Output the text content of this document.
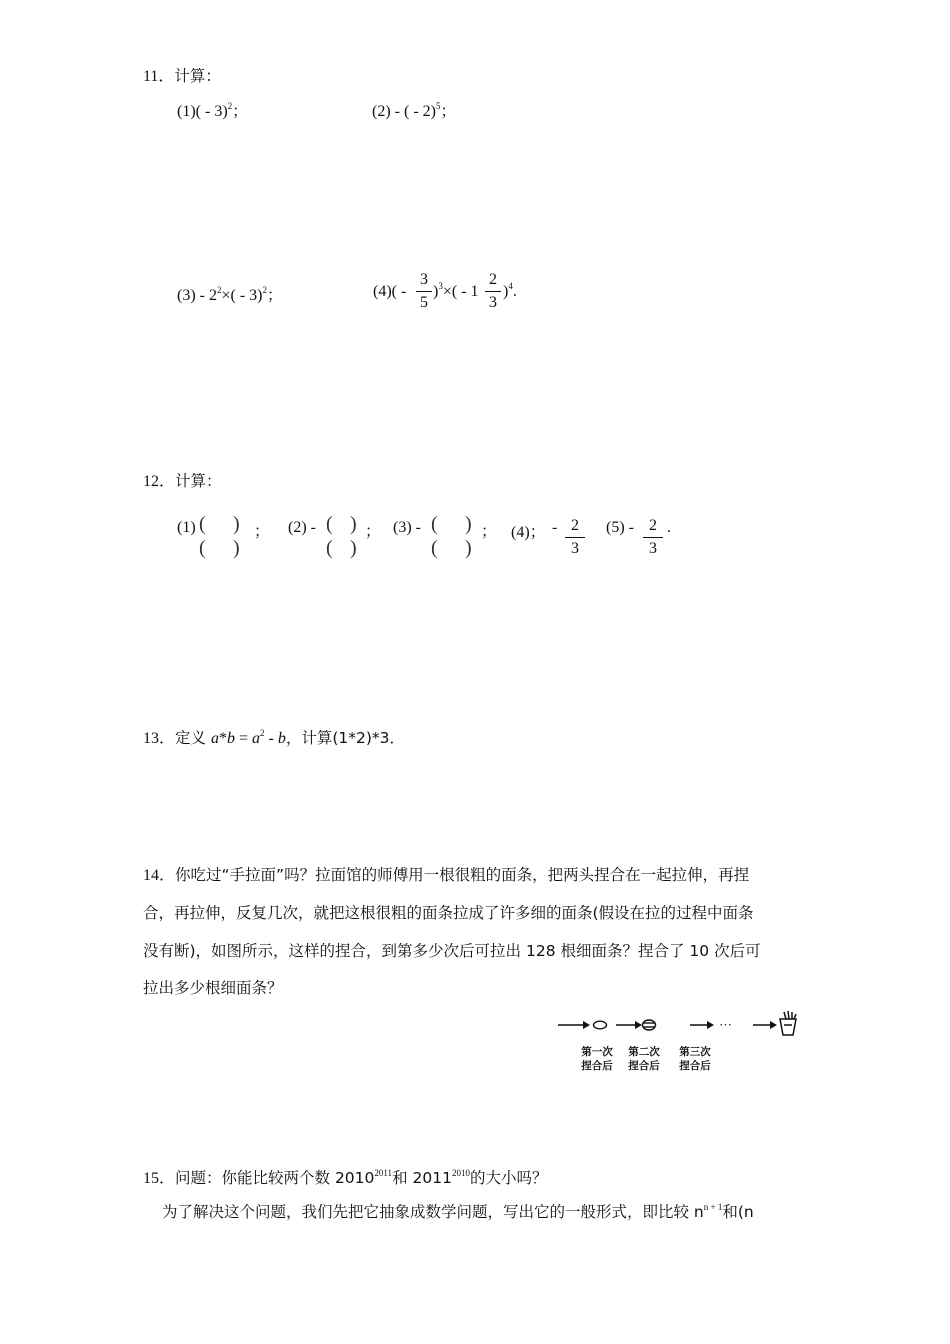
11．计算：
(1)( - 3)$^2$；	(2) - ( - 2)$^5$；
$(3) - 2^2\times( - 3)^2$；	(4)( -
3
5
)$^3$×( - 1
2
3
)$^4$.
12．计算：
(1) (
(
)
)
； (2) - (
(
)
)
； (3) - (
(
)
)
； (4)； - 2
3
(5) - 2
3
.
13．定义 $a*b = a^2 - b$，计算(1*2)*3．
14．你吃过“手拉面”吗？拉面馆的师傅用一根很粗的面条，把两头捏合在一起拉伸，再捏
合，再拉伸，反复几次，就把这根很粗的面条拉成了许多细的面条(假设在拉的过程中面条
没有断)，如图所示，这样的捏合，到第多少次后可拉出 128 根细面条？捏合了 10 次后可
拉出多少根细面条？
···
第一次
捏合后
第二次
捏合后
第三次
捏合后
15．问题：你能比较两个数 $2010^{2011}$和 $2011^{2010}$的大小吗？
为了解决这个问题，我们先把它抽象成数学问题，写出它的一般形式，即比较 $n^{n + 1}$和(n
